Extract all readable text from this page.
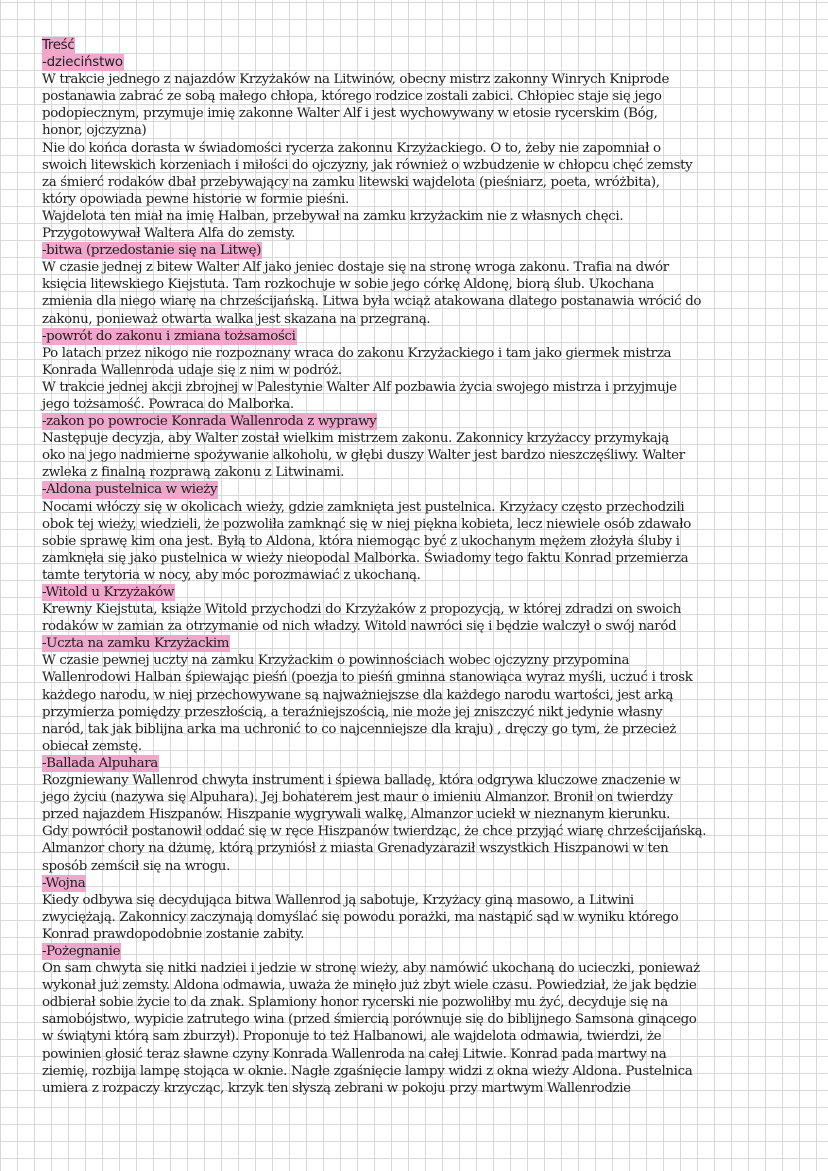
Treść
-dzieciństwo
W trakcie jednego z najazdów Krzyżaków na Litwinów, obecny mistrz zakonny Winrych Kniprode
postanawia zabrać ze sobą małego chłopa, którego rodzice zostali zabici. Chłopiec staje się jego
podopiecznym, przymuje imię zakonne Walter Alf i jest wychowywany w etosie rycerskim (Bóg,
honor, ojczyzna)
Nie do końca dorasta w świadomości rycerza zakonnu Krzyżackiego. O to, żeby nie zapomniał o
swoich litewskich korzeniach i miłości do ojczyzny, jak również o wzbudzenie w chłopcu chęć zemsty
za śmierć rodaków dbał przebywający na zamku litewski wajdelota (pieśniarz, poeta, wróżbita),
który opowiada pewne historie w formie pieśni.
Wajdelota ten miał na imię Halban, przebywał na zamku krzyżackim nie z własnych chęci.
Przygotowywał Waltera Alfa do zemsty.
-bitwa (przedostanie się na Litwę)
W czasie jednej z bitew Walter Alf jako jeniec dostaje się na stronę wroga zakonu. Trafia na dwór
księcia litewskiego Kiejstuta. Tam rozkochuje w sobie jego córkę Aldonę, biorą ślub. Ukochana
zmienia dla niego wiarę na chrześcijańską. Litwa była wciąż atakowana dlatego postanawia wrócić do
zakonu, ponieważ otwarta walka jest skazana na przegraną.
-powrót do zakonu i zmiana tożsamości
Po latach przez nikogo nie rozpoznany wraca do zakonu Krzyżackiego i tam jako giermek mistrza
Konrada Wallenroda udaje się z nim w podróż.
W trakcie jednej akcji zbrojnej w Palestynie Walter Alf pozbawia życia swojego mistrza i przyjmuje
jego tożsamość. Powraca do Malborka.
-zakon po powrocie Konrada Wallenroda z wyprawy
Następuje decyzja, aby Walter został wielkim mistrzem zakonu. Zakonnicy krzyżaccy przymykają
oko na jego nadmierne spożywanie alkoholu, w głębi duszy Walter jest bardzo nieszczęśliwy. Walter
zwleka z finalną rozprawą zakonu z Litwinami.
-Aldona pustelnica w wieży
Nocami włóczy się w okolicach wieży, gdzie zamknięta jest pustelnica. Krzyżacy często przechodzili
obok tej wieży, wiedzieli, że pozwoliła zamknąć się w niej piękna kobieta, lecz niewiele osób zdawało
sobie sprawę kim ona jest. Byłą to Aldona, która niemogąc być z ukochanym mężem złożyła śluby i
zamknęła się jako pustelnica w wieży nieopodal Malborka. Świadomy tego faktu Konrad przemierza
tamte terytoria w nocy, aby móc porozmawiać z ukochaną.
-Witold u Krzyżaków
Krewny Kiejstuta, książe Witold przychodzi do Krzyżaków z propozycją, w której zdradzi on swoich
rodaków w zamian za otrzymanie od nich władzy. Witold nawróci się i będzie walczył o swój naród
-Uczta na zamku Krzyżackim
W czasie pewnej uczty na zamku Krzyżackim o powinnościach wobec ojczyzny przypomina
Wallenrodowi Halban śpiewając pieśń (poezja to pieśń gminna stanowiąca wyraz myśli, uczuć i trosk
każdego narodu, w niej przechowywane są najważniejszse dla każdego narodu wartości, jest arką
przymierza pomiędzy przeszłością, a teraźniejszością, nie może jej zniszczyć nikt jedynie własny
naród, tak jak biblijna arka ma uchronić to co najcenniejsze dla kraju) , dręczy go tym, że przecież
obiecał zemstę.
-Ballada Alpuhara
Rozgniewany Wallenrod chwyta instrument i śpiewa balladę, która odgrywa kluczowe znaczenie w
jego życiu (nazywa się Alpuhara). Jej bohaterem jest maur o imieniu Almanzor. Bronił on twierdzy
przed najazdem Hiszpanów. Hiszpanie wygrywali walkę, Almanzor uciekł w nieznanym kierunku.
Gdy powrócił postanowił oddać się w ręce Hiszpanów twierdząc, że chce przyjąć wiarę chrześcijańską.
Almanzor chory na dżumę, którą przyniósł z miasta Grenadyzaraził wszystkich Hiszpanowi w ten
sposób zemścił się na wrogu.
-Wojna
Kiedy odbywa się decydująca bitwa Wallenrod ją sabotuje, Krzyżacy giną masowo, a Litwini
zwyciężają. Zakonnicy zaczynają domyślać się powodu porażki, ma nastąpić sąd w wyniku którego
Konrad prawdopodobnie zostanie zabity.
-Pożegnanie
On sam chwyta się nitki nadziei i jedzie w stronę wieży, aby namówić ukochaną do ucieczki, ponieważ
wykonał już zemsty. Aldona odmawia, uważa że minęło już zbyt wiele czasu. Powiedział, że jak będzie
odbierał sobie życie to da znak. Splamiony honor rycerski nie pozwoliłby mu żyć, decyduje się na
samobójstwo, wypicie zatrutego wina (przed śmiercią porównuje się do biblijnego Samsona ginącego
w świątyni którą sam zburzył). Proponuje to też Halbanowi, ale wajdelota odmawia, twierdzi, że
powinien głosić teraz sławne czyny Konrada Wallenroda na całej Litwie. Konrad pada martwy na
ziemię, rozbija lampę stojąca w oknie. Nagłe zgaśnięcie lampy widzi z okna wieży Aldona. Pustelnica
umiera z rozpaczy krzycząc, krzyk ten słyszą zebrani w pokoju przy martwym Wallenrodzie
